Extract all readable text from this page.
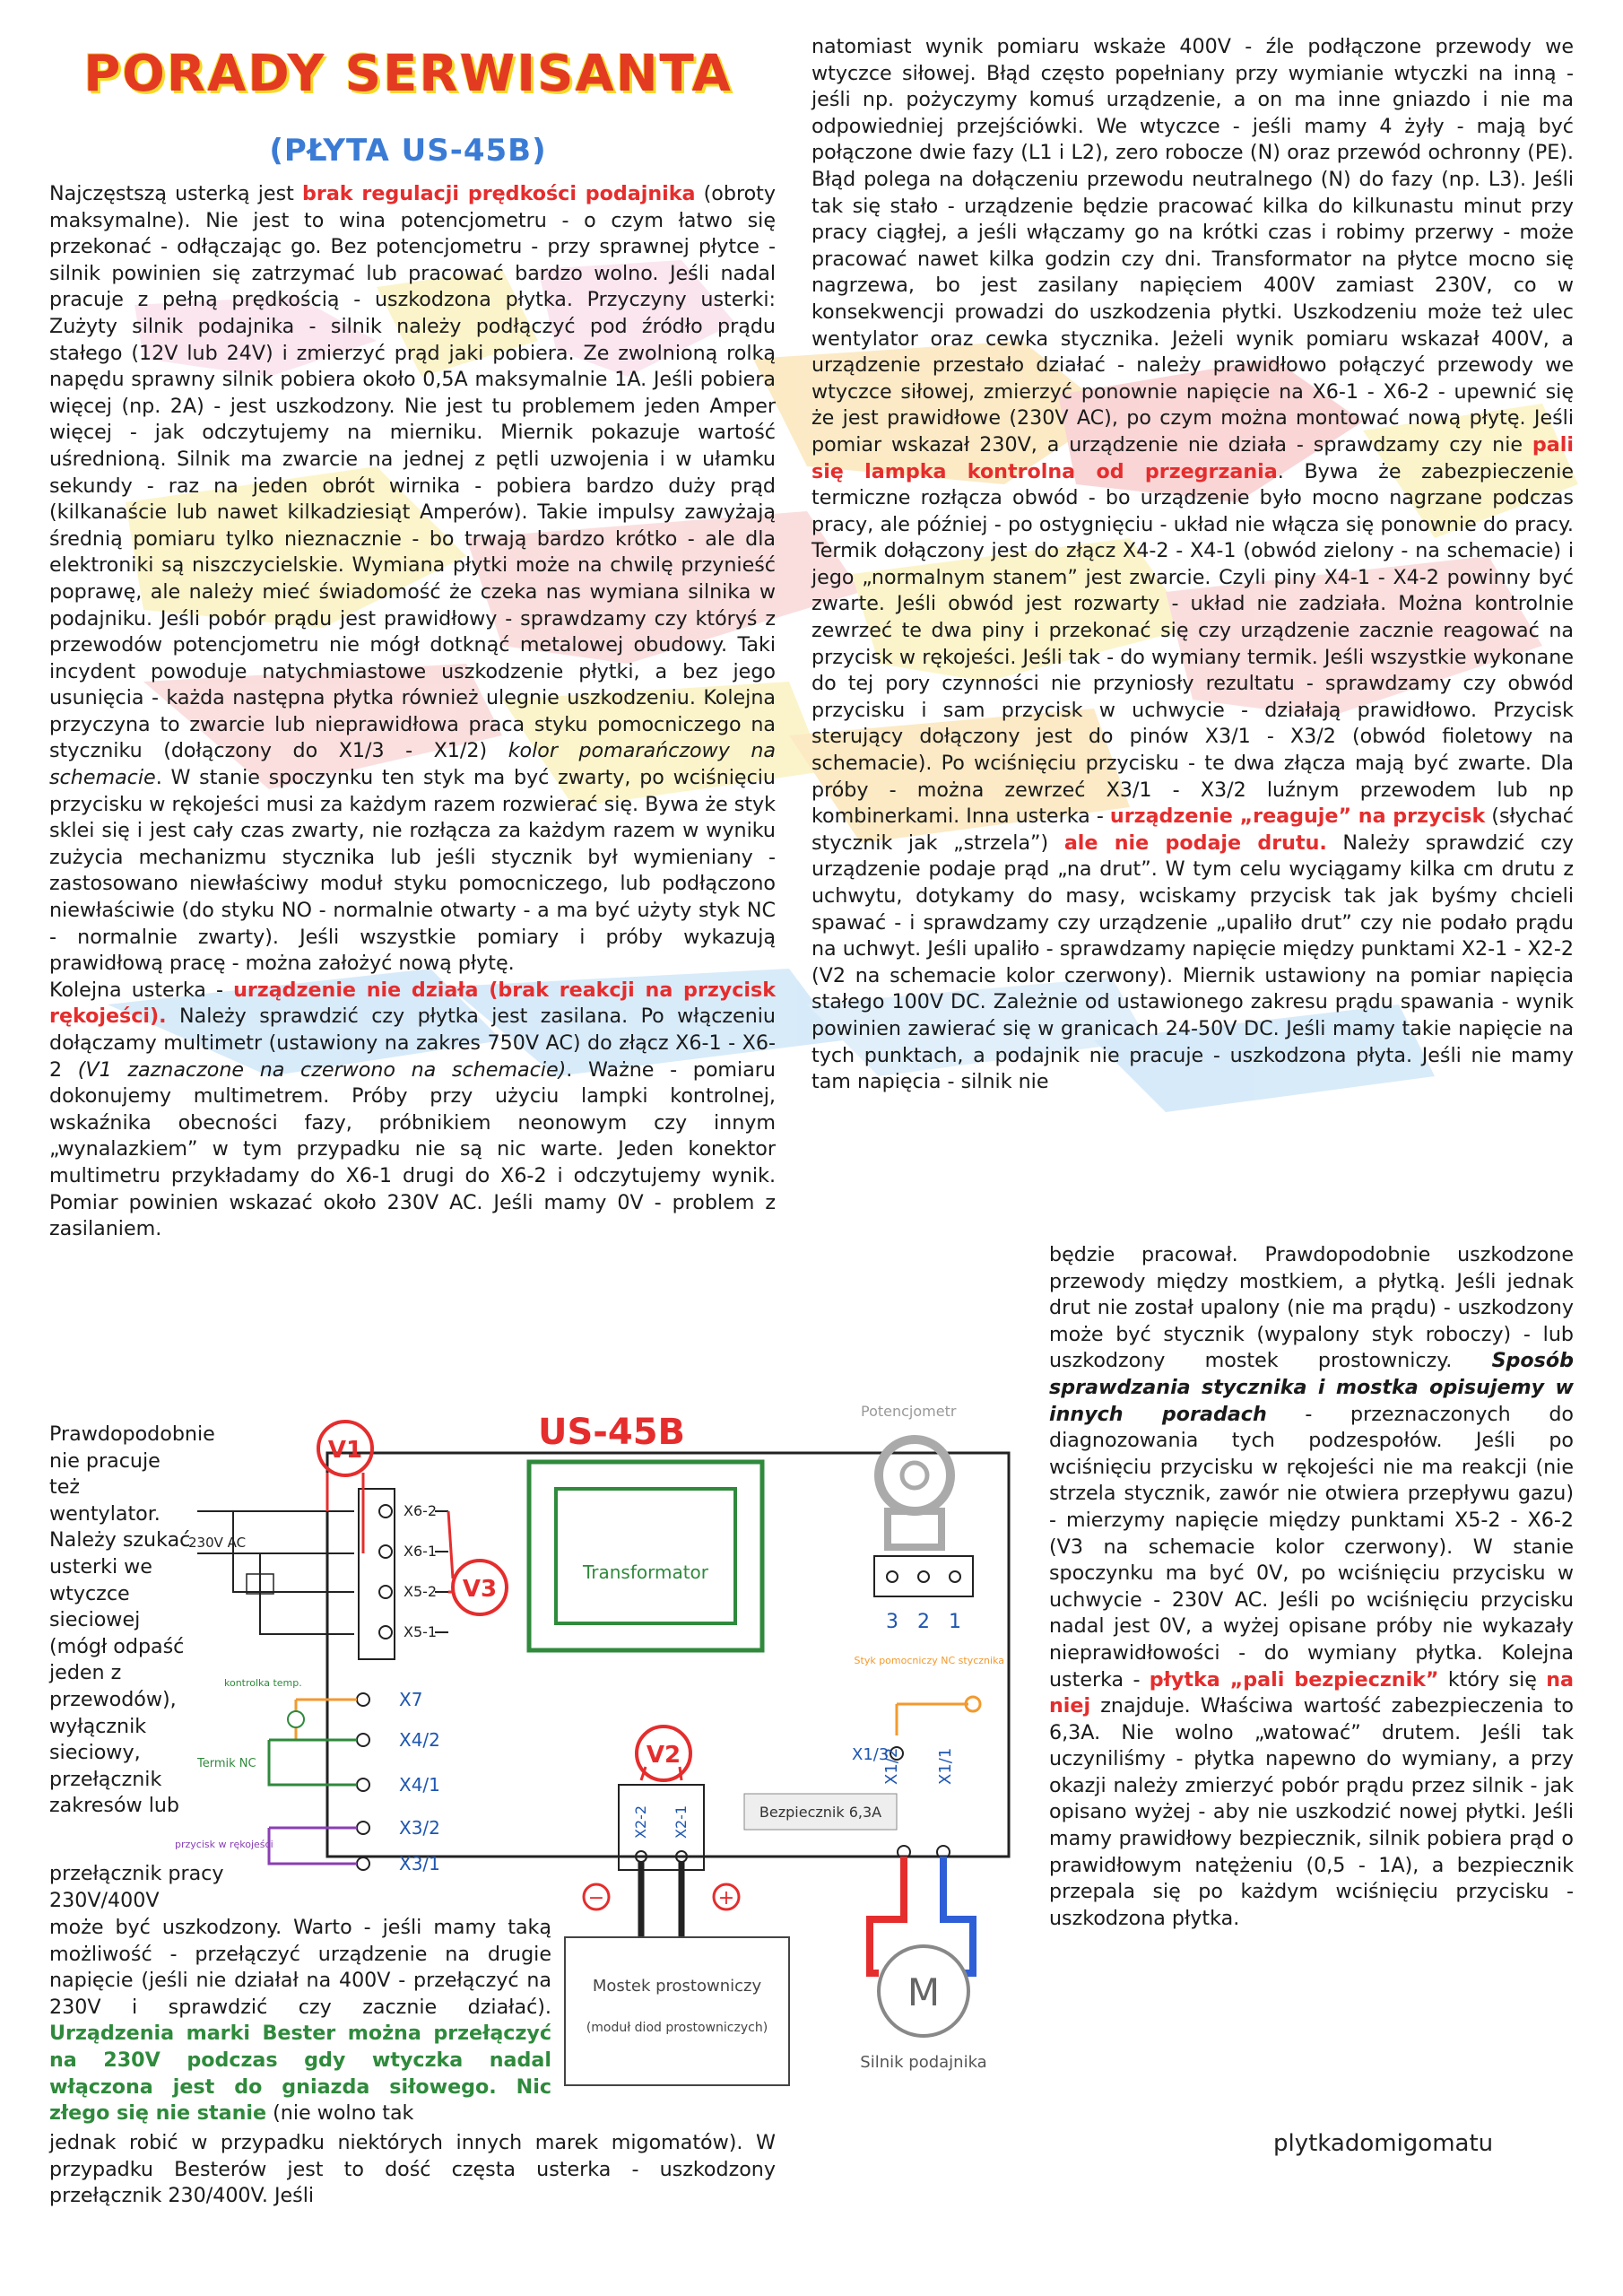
PORADY SERWISANTA
(PŁYTA US-45B)

Najczęstszą usterką jest brak regulacji prędkości podajnika (obroty maksymalne). Nie jest to wina potencjometru - o czym łatwo się przekonać - odłączając go. Bez potencjometru - przy sprawnej płytce - silnik powinien się zatrzymać lub pracować bardzo wolno. Jeśli nadal pracuje z pełną prędkością - uszkodzona płytka. Przyczyny usterki: Zużyty silnik podajnika - silnik należy podłączyć pod źródło prądu stałego (12V lub 24V) i zmierzyć prąd jaki pobiera. Ze zwolnioną rolką napędu sprawny silnik pobiera około 0,5A maksymalnie 1A. Jeśli pobiera więcej (np. 2A) - jest uszkodzony. Nie jest tu problemem jeden Amper więcej - jak odczytujemy na mierniku. Miernik pokazuje wartość uśrednioną. Silnik ma zwarcie na jednej z pętli uzwojenia i w ułamku sekundy - raz na jeden obrót wirnika - pobiera bardzo duży prąd (kilkanaście lub nawet kilkadziesiąt Amperów). Takie impulsy zawyżają średnią pomiaru tylko nieznacznie - bo trwają bardzo krótko - ale dla elektroniki są niszczycielskie. Wymiana płytki może na chwilę przynieść poprawę, ale należy mieć świadomość że czeka nas wymiana silnika w podajniku. Jeśli pobór prądu jest prawidłowy - sprawdzamy czy któryś z przewodów potencjometru nie mógł dotknąć metalowej obudowy. Taki incydent powoduje natychmiastowe uszkodzenie płytki, a bez jego usunięcia - każda następna płytka również ulegnie uszkodzeniu. Kolejna przyczyna to zwarcie lub nieprawidłowa praca styku pomocniczego na styczniku (dołączony do X1/3 - X1/2) kolor pomarańczowy na schemacie. W stanie spoczynku ten styk ma być zwarty, po wciśnięciu przycisku w rękojeści musi za każdym razem rozwierać się. Bywa że styk sklei się i jest cały czas zwarty, nie rozłącza za każdym razem w wyniku zużycia mechanizmu stycznika lub jeśli stycznik był wymieniany - zastosowano niewłaściwy moduł styku pomocniczego, lub podłączono niewłaściwie (do styku NO - normalnie otwarty - a ma być użyty styk NC - normalnie zwarty). Jeśli wszystkie pomiary i próby wykazują prawidłową pracę - można założyć nową płytę.

Kolejna usterka - urządzenie nie działa (brak reakcji na przycisk rękojeści). Należy sprawdzić czy płytka jest zasilana. Po włączeniu dołączamy multimetr (ustawiony na zakres 750V AC) do złącz X6-1 - X6-2 (V1 zaznaczone na czerwono na schemacie). Ważne - pomiaru dokonujemy multimetrem. Próby przy użyciu lampki kontrolnej, wskaźnika obecności fazy, próbnikiem neonowym czy innym „wynalazkiem” w tym przypadku nie są nic warte. Jeden konektor multimetru przykładamy do X6-1 drugi do X6-2 i odczytujemy wynik. Pomiar powinien wskazać około 230V AC. Jeśli mamy 0V - problem z zasilaniem.

Prawdopodobnie nie pracuje też wentylator. Należy szukać usterki we wtyczce sieciowej (mógł odpaść jeden z przewodów), wyłącznik sieciowy, przełącznik zakresów lub

przełącznik pracy 230V/400V

może być uszkodzony. Warto - jeśli mamy taką możliwość - przełączyć urządzenie na drugie napięcie (jeśli nie działał na 400V - przełączyć na 230V i sprawdzić czy zacznie działać). Urządzenia marki Bester można przełączyć na 230V podczas gdy wtyczka nadal włączona jest do gniazda siłowego. Nic złego się nie stanie (nie wolno tak

jednak robić w przypadku niektórych innych marek migomatów). W przypadku Besterów jest to dość częsta usterka - uszkodzony przełącznik 230/400V. Jeśli

natomiast wynik pomiaru wskaże 400V - źle podłączone przewody we wtyczce siłowej. Błąd często popełniany przy wymianie wtyczki na inną - jeśli np. pożyczymy komuś urządzenie, a on ma inne gniazdo i nie ma odpowiedniej przejściówki. We wtyczce - jeśli mamy 4 żyły - mają być połączone dwie fazy (L1 i L2), zero robocze (N) oraz przewód ochronny (PE). Błąd polega na dołączeniu przewodu neutralnego (N) do fazy (np. L3). Jeśli tak się stało - urządzenie będzie pracować kilka do kilkunastu minut przy pracy ciągłej, a jeśli włączamy go na krótki czas i robimy przerwy - może pracować nawet kilka godzin czy dni. Transformator na płytce mocno się nagrzewa, bo jest zasilany napięciem 400V zamiast 230V, co w konsekwencji prowadzi do uszkodzenia płytki. Uszkodzeniu może też ulec wentylator oraz cewka stycznika. Jeżeli wynik pomiaru wskazał 400V, a urządzenie przestało działać - należy prawidłowo połączyć przewody we wtyczce siłowej, zmierzyć ponownie napięcie na X6-1 - X6-2 - upewnić się że jest prawidłowe (230V AC), po czym można montować nową płytę. Jeśli pomiar wskazał 230V, a urządzenie nie działa - sprawdzamy czy nie pali się lampka kontrolna od przegrzania. Bywa że zabezpieczenie termiczne rozłącza obwód - bo urządzenie było mocno nagrzane podczas pracy, ale później - po ostygnięciu - układ nie włącza się ponownie do pracy. Termik dołączony jest do złącz X4-2 - X4-1 (obwód zielony - na schemacie) i jego „normalnym stanem” jest zwarcie. Czyli piny X4-1 - X4-2 powinny być zwarte. Jeśli obwód jest rozwarty - układ nie zadziała. Można kontrolnie zewrzeć te dwa piny i przekonać się czy urządzenie zacznie reagować na przycisk w rękojeści. Jeśli tak - do wymiany termik. Jeśli wszystkie wykonane do tej pory czynności nie przyniosły rezultatu - sprawdzamy czy obwód przycisku i sam przycisk w uchwycie - działają prawidłowo. Przycisk sterujący dołączony jest do pinów X3/1 - X3/2 (obwód fioletowy na schemacie). Po wciśnięciu przycisku - te dwa złącza mają być zwarte. Dla próby - można zewrzeć X3/1 - X3/2 luźnym przewodem lub np kombinerkami. Inna usterka - urządzenie „reaguje” na przycisk (słychać stycznik jak „strzela”) ale nie podaje drutu. Należy sprawdzić czy urządzenie podaje prąd „na drut”. W tym celu wyciągamy kilka cm drutu z uchwytu, dotykamy do masy, wciskamy przycisk tak jak byśmy chcieli spawać - i sprawdzamy czy urządzenie „upaliło drut” czy nie podało prądu na uchwyt. Jeśli upaliło - sprawdzamy napięcie między punktami X2-1 - X2-2 (V2 na schemacie kolor czerwony). Miernik ustawiony na pomiar napięcia stałego 100V DC. Zależnie od ustawionego zakresu prądu spawania - wynik powinien zawierać się w granicach 24-50V DC. Jeśli mamy takie napięcie na tych punktach, a podajnik nie pracuje - uszkodzona płyta. Jeśli nie mamy tam napięcia - silnik nie

będzie pracował. Prawdopodobnie uszkodzone przewody między mostkiem, a płytką. Jeśli jednak drut nie został upalony (nie ma prądu) - uszkodzony może być stycznik (wypalony styk roboczy) - lub uszkodzony mostek prostowniczy. Sposób sprawdzania stycznika i mostka opisujemy w innych poradach - przeznaczonych do diagnozowania tych podzespołów. Jeśli po wciśnięciu przycisku w rękojeści nie ma reakcji (nie strzela stycznik, zawór nie otwiera przepływu gazu) - mierzymy napięcie między punktami X5-2 - X6-2 (V3 na schemacie kolor czerwony). W stanie spoczynku ma być 0V, po wciśnięciu przycisku w uchwycie - 230V AC. Jeśli po wciśnięciu przycisku nadal jest 0V, a wyżej opisane próby nie wykazały nieprawidłowości - do wymiany płytka. Kolejna usterka - płytka „pali bezpiecznik” który się na niej znajduje. Właściwa wartość zabezpieczenia to 6,3A. Nie wolno „watować” drutem. Jeśli tak uczyniliśmy - płytka napewno do wymiany, a przy okazji należy zmierzyć pobór prądu przez silnik - jak opisano wyżej - aby nie uszkodzić nowej płytki. Jeśli mamy prawidłowy bezpiecznik, silnik pobiera prąd o prawidłowym natężeniu (0,5 - 1A), a bezpiecznik przepala się po każdym wciśnięciu przycisku - uszkodzona płytka.

plytkadomigomatu
US-45B
Transformator
Bezpiecznik 6,3A
X6-2
X6-1
X5-2
X5-1
230V AC
V1
V3
X7
X4/2
X4/1
X3/2
X3/1
kontrolka temp.
Termik NC
przycisk w rękojeści
Potencjometr
3 2 1
Styk pomocniczy NC stycznika
X1/3
X1/2 X1/1
M
Silnik podajnika
V2
X2-2 X2-1
−	+
Mostek prostowniczy
(moduł diod prostowniczych)
